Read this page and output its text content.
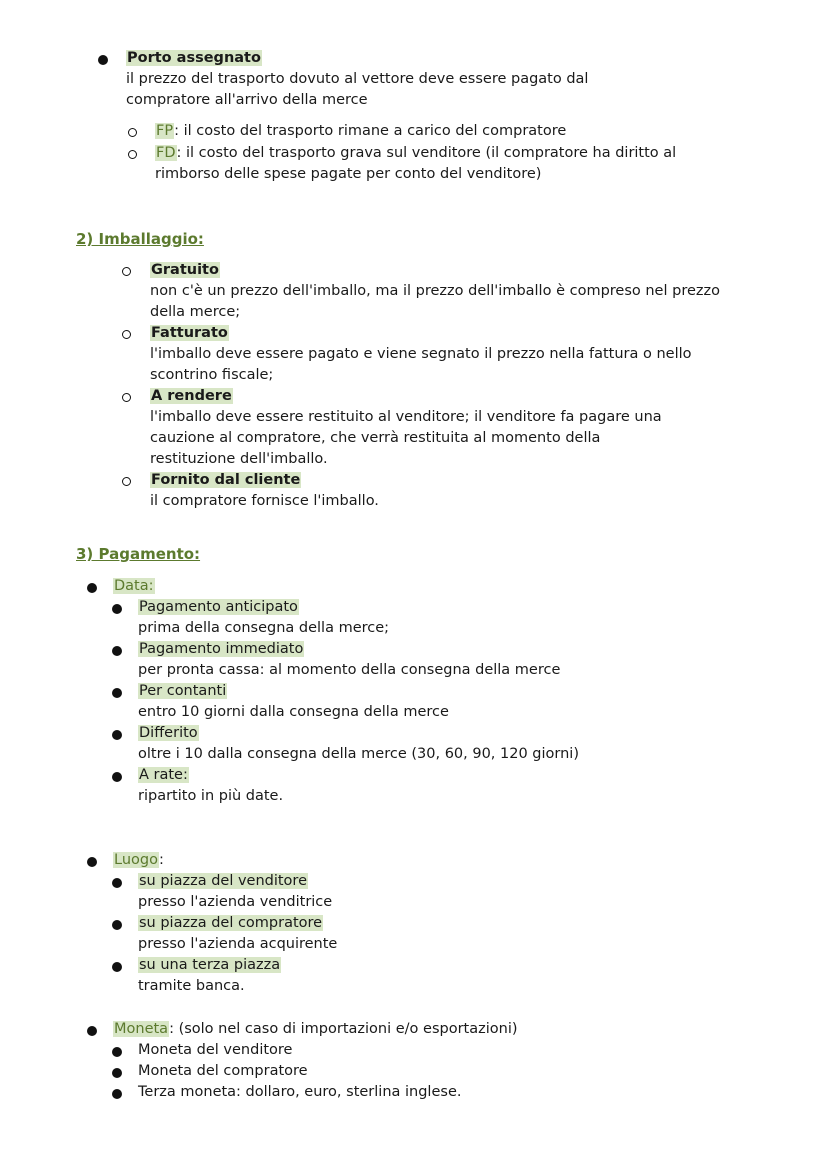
Porto assegnato
il prezzo del trasporto dovuto al vettore deve essere pagato dal
compratore all'arrivo della merce
FP: il costo del trasporto rimane a carico del compratore
FD: il costo del trasporto grava sul venditore (il compratore ha diritto al
rimborso delle spese pagate per conto del venditore)
2) Imballaggio:
Gratuito
non c'è un prezzo dell'imballo, ma il prezzo dell'imballo è compreso nel prezzo
della merce;
Fatturato
l'imballo deve essere pagato e viene segnato il prezzo nella fattura o nello
scontrino fiscale;
A rendere
l'imballo deve essere restituito al venditore; il venditore fa pagare una
cauzione al compratore, che verrà restituita al momento della
restituzione dell'imballo.
Fornito dal cliente
il compratore fornisce l'imballo.
3) Pagamento:
Data:
Pagamento anticipato
prima della consegna della merce;
Pagamento immediato
per pronta cassa: al momento della consegna della merce
Per contanti
entro 10 giorni dalla consegna della merce
Differito
oltre i 10 dalla consegna della merce (30, 60, 90, 120 giorni)
A rate:
ripartito in più date.
Luogo:
su piazza del venditore
presso l'azienda venditrice
su piazza del compratore
presso l'azienda acquirente
su una terza piazza
tramite banca.
Moneta: (solo nel caso di importazioni e/o esportazioni)
Moneta del venditore
Moneta del compratore
Terza moneta: dollaro, euro, sterlina inglese.
